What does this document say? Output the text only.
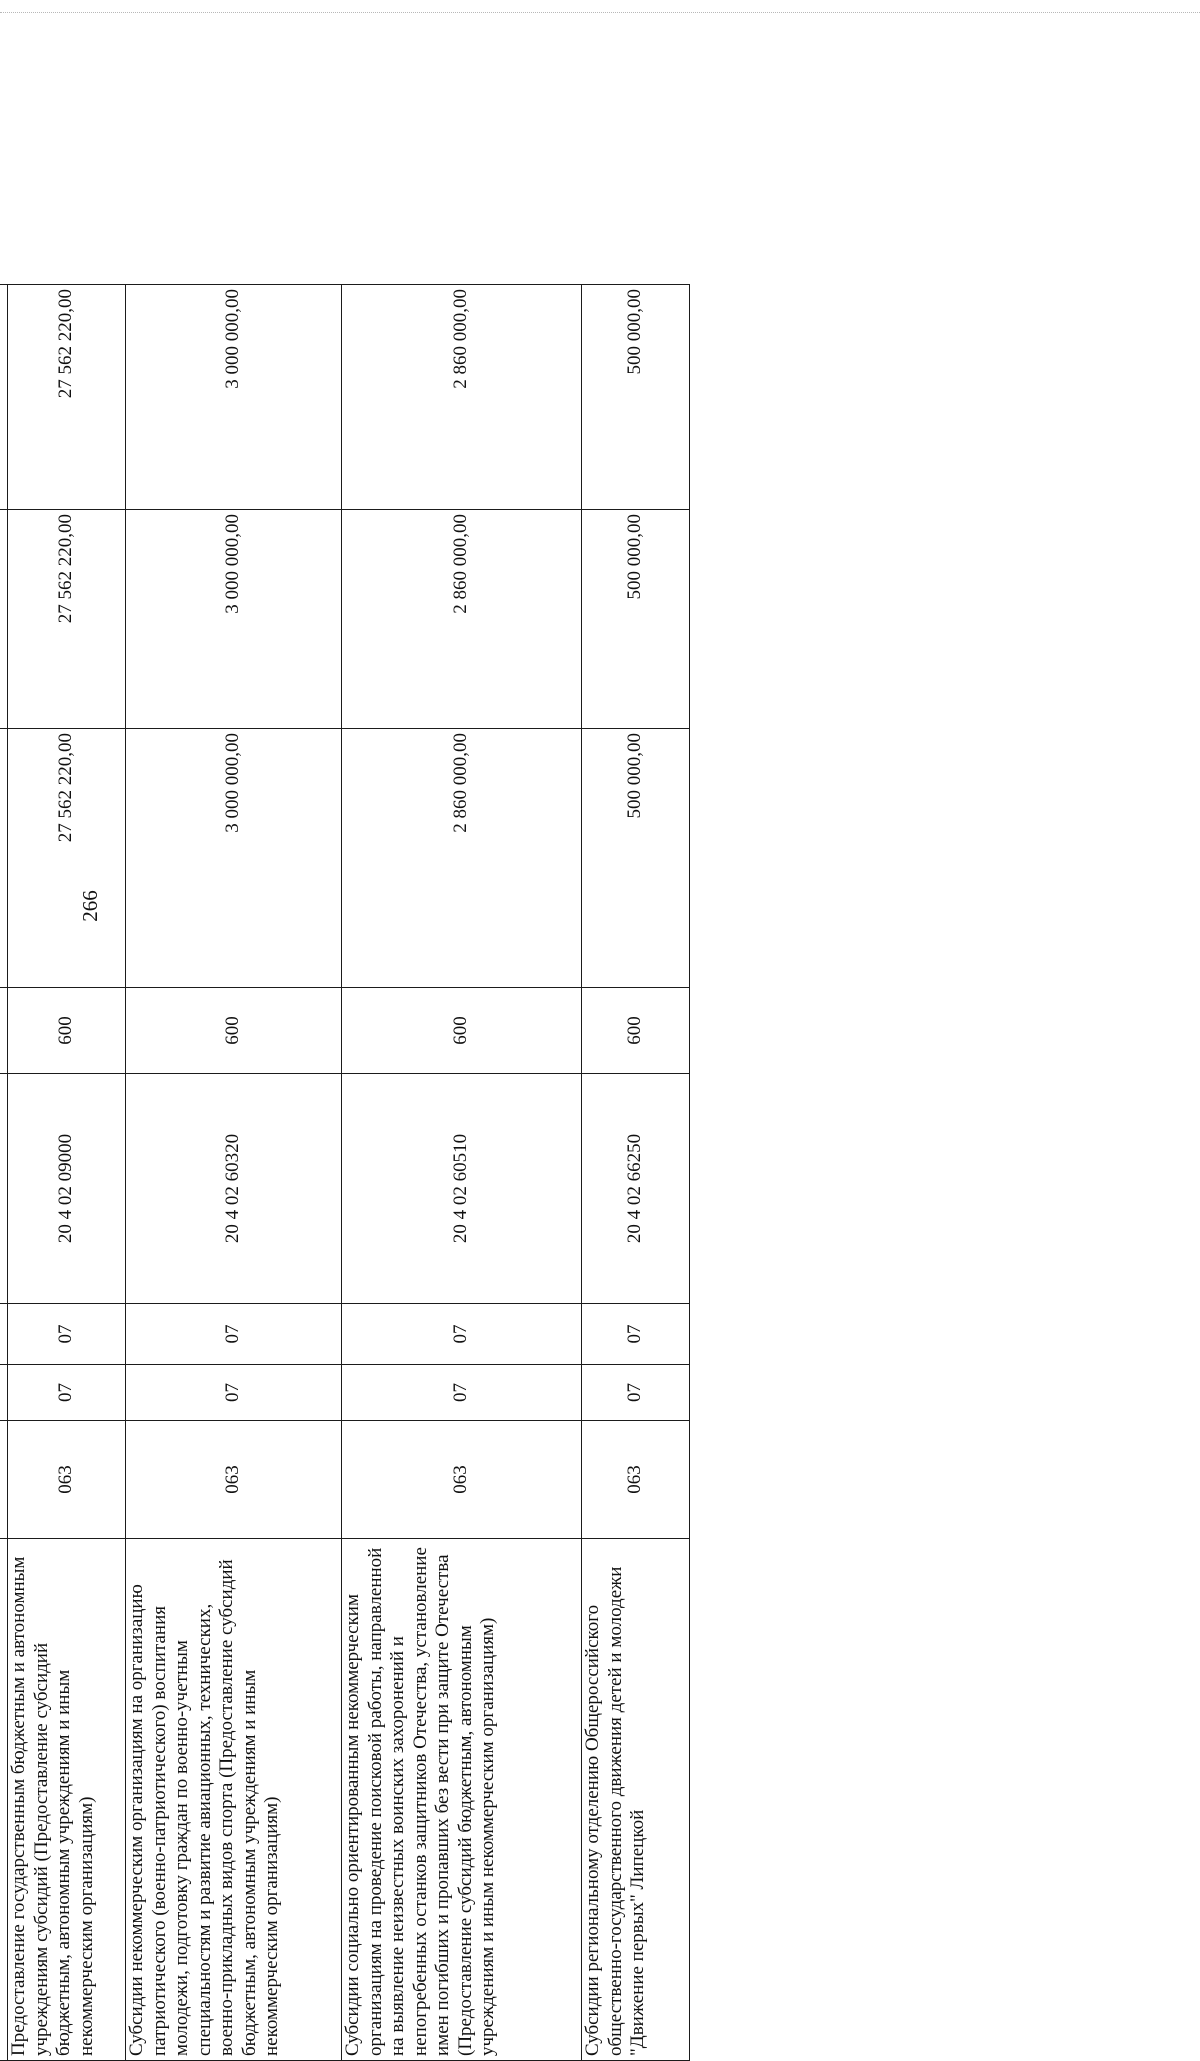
266

Предоставление государственным бюджетным и автономным учреждениям субсидий (Предоставление субсидий бюджетным, автономным учреждениям и иным некоммерческим организациям)	063	07	07	20 4 02 09000	600	27 562 220,00	27 562 220,00	27 562 220,00
Субсидии некоммерческим организациям на организацию патриотического (военно-патриотического) воспитания молодежи, подготовку граждан по военно-учетным специальностям и развитие авиационных, технических, военно-прикладных видов спорта (Предоставление субсидий бюджетным, автономным учреждениям и иным некоммерческим организациям)	063	07	07	20 4 02 60320	600	3 000 000,00	3 000 000,00	3 000 000,00
Субсидии социально ориентированным некоммерческим организациям на проведение поисковой работы, направленной на выявление неизвестных воинских захоронений и непогребенных останков защитников Отечества, установление имен погибших и пропавших без вести при защите Отечества (Предоставление субсидий бюджетным, автономным учреждениям и иным некоммерческим организациям)	063	07	07	20 4 02 60510	600	2 860 000,00	2 860 000,00	2 860 000,00
Субсидии региональному отделению Общероссийского общественно-государственного движения детей и молодежи "Движение первых" Липецкой	063	07	07	20 4 02 66250	600	500 000,00	500 000,00	500 000,00
